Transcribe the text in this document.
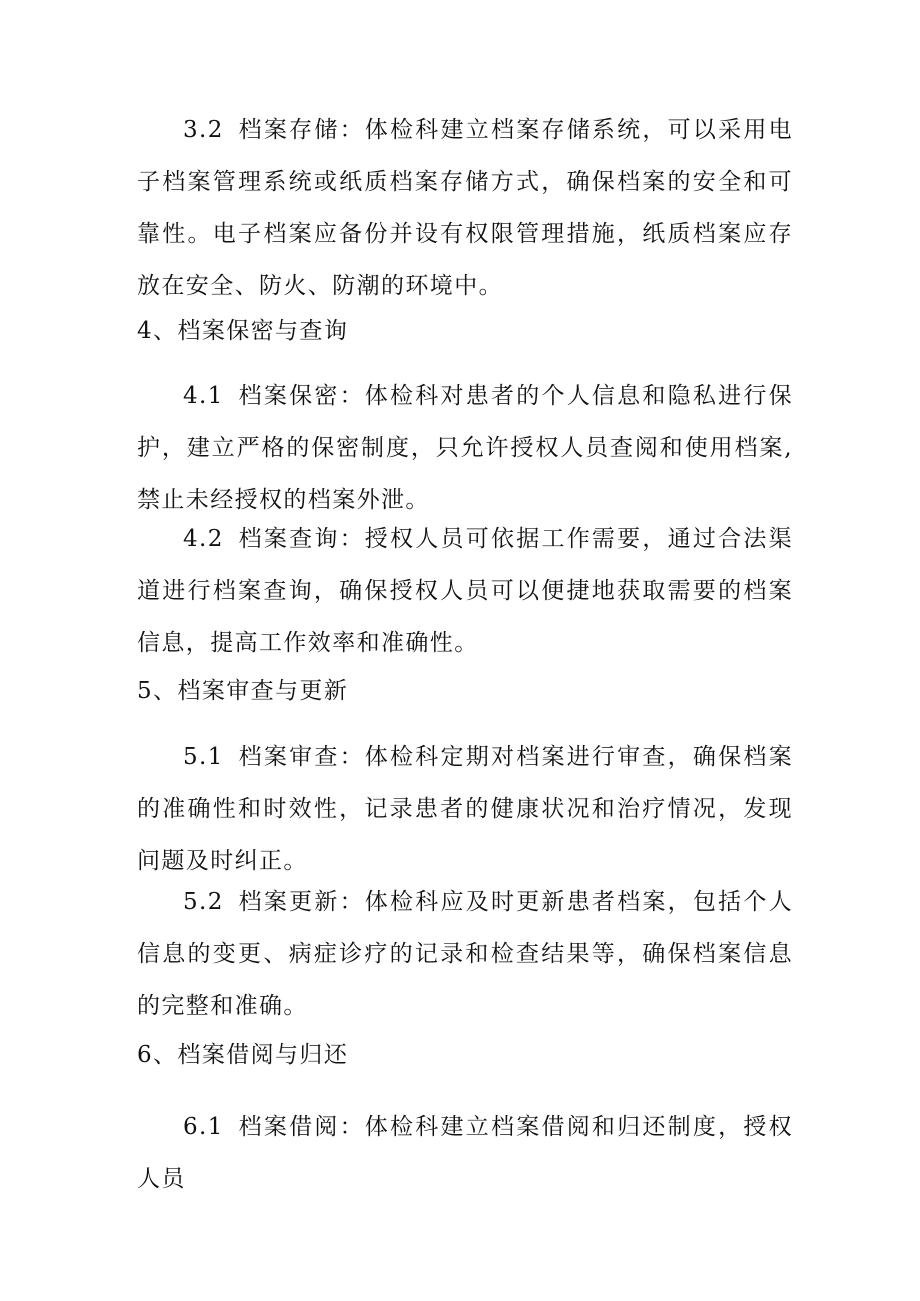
3.2 档案存储：体检科建立档案存储系统，可以采用电子档案管理系统或纸质档案存储方式，确保档案的安全和可靠性。电子档案应备份并设有权限管理措施，纸质档案应存放在安全、防火、防潮的环境中。

4、档案保密与查询

4.1 档案保密：体检科对患者的个人信息和隐私进行保护，建立严格的保密制度，只允许授权人员查阅和使用档案,禁止未经授权的档案外泄。

4.2 档案查询：授权人员可依据工作需要，通过合法渠道进行档案查询，确保授权人员可以便捷地获取需要的档案信息，提高工作效率和准确性。

5、档案审查与更新

5.1 档案审查：体检科定期对档案进行审查，确保档案的准确性和时效性，记录患者的健康状况和治疗情况，发现问题及时纠正。

5.2 档案更新：体检科应及时更新患者档案，包括个人信息的变更、病症诊疗的记录和检查结果等，确保档案信息的完整和准确。

6、档案借阅与归还

6.1 档案借阅：体检科建立档案借阅和归还制度，授权人员
